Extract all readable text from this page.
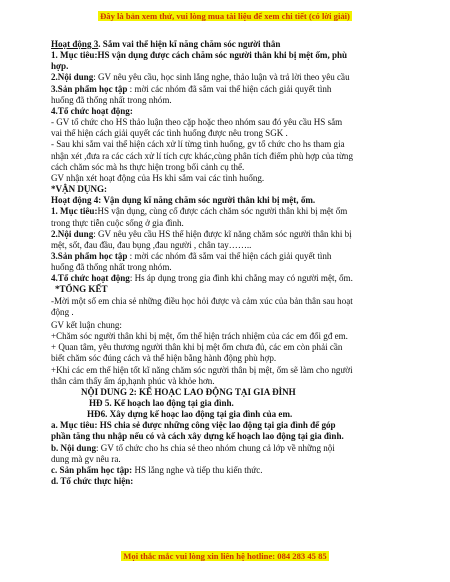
Đây là bản xem thử, vui lòng mua tài liệu để xem chi tiết (có lời giải)

Hoạt động 3. Sắm vai thể hiện kĩ năng chăm sóc người thân

1. Mục tiêu:HS vận dụng được cách chăm sóc người thân khi bị mệt ốm, phù

hợp.

2.Nội dung: GV nêu yêu cầu, học sinh lắng nghe, thảo luận và trả lời theo yêu cầu

3.Sản phẩm học tập : mời các nhóm đã sắm vai thể hiện cách giải quyết tình

huống đã thống nhất trong nhóm.

4.Tổ chức hoạt động:

- GV tổ chức cho HS thảo luận theo cặp hoặc theo nhóm sau đó yêu cầu HS sắm

vai thể hiện cách giải quyết các tình huống được nêu trong SGK .

- Sau khi sắm vai thể hiện cách xử lí từng tình huống, gv tổ chức cho hs tham gia

nhận xét ,đưa ra các cách xử lí tích cực khác,cùng phân tích điểm phù hợp của từng

cách chăm sóc mà hs thực hiện trong bối cảnh cụ thể.

GV nhận xét hoạt động của Hs khi sắm vai các tình huống.

*VẬN DỤNG:

Hoạt động 4: Vận dụng kĩ năng chăm sóc người thân khi bị mệt, ốm.

1. Mục tiêu:HS vận dụng, cùng cố được cách chăm sóc người thân khi bị mệt ốm

trong thực tiễn cuộc sống ở gia đình.

2.Nội dung: GV nêu yêu cầu HS thể hiện được kĩ năng chăm sóc người thân khi bị

mệt, sốt, đau đầu, đau bụng ,đau người , chân tay……..

3.Sản phẩm học tập : mời các nhóm đã sắm vai thể hiện cách giải quyết tình

huống đã thống nhất trong nhóm.

4.Tổ chức hoạt động: Hs áp dụng trong gia đình khi chẳng may có người mệt, ốm.

*TỔNG KẾT

-Mời một số em chia sẻ những điều học hỏi được và cảm xúc của bản thân sau hoạt

động .

GV kết luận chung:

+Chăm sóc người thân khi bị mệt, ốm thể hiện trách nhiệm của các em đối gđ em.

+ Quan tâm, yêu thương người thân khi bị mệt ốm chưa đủ, các em còn phải cần

biết chăm sóc đúng cách và thể hiện bằng hành động phù hợp.

+Khi các em thể hiện tốt kĩ năng chăm sóc người thân bị mệt, ốm sẽ làm cho người

thân cảm thấy ấm áp,hạnh phúc và khỏe hơn.

NỘI DUNG 2: KẾ HOẠC LAO ĐỘNG TẠI GIA ĐÌNH

HĐ 5. Kế hoạch lao động tại gia đình.

HĐ6. Xây dựng kế hoạc lao động tại gia đình của em.

a. Mục tiêu: HS chia sẻ được những công việc lao động tại gia đình để góp

phần tăng thu nhập nếu có và cách xây dựng kế hoạch lao động tại gia đình.

b. Nội dung: GV tổ chức cho hs chia sẻ theo nhóm chung cả lớp về những nội

dung mà gv nêu ra.

c. Sản phẩm học tập: HS lắng nghe và tiếp thu kiến thức.

d. Tổ chức thực hiện:

Mọi thắc mắc vui lòng xin liên hệ hotline: 084 283 45 85
